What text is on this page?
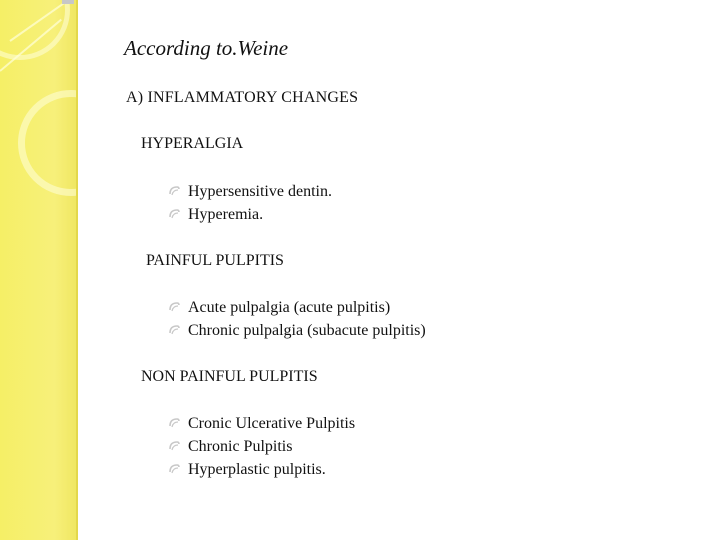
According to.Weine
A) INFLAMMATORY CHANGES
HYPERALGIA
Hypersensitive dentin.
Hyperemia.
PAINFUL PULPITIS
Acute pulpalgia (acute pulpitis)
Chronic pulpalgia (subacute pulpitis)
NON PAINFUL PULPITIS
Cronic Ulcerative Pulpitis
Chronic Pulpitis
Hyperplastic pulpitis.
